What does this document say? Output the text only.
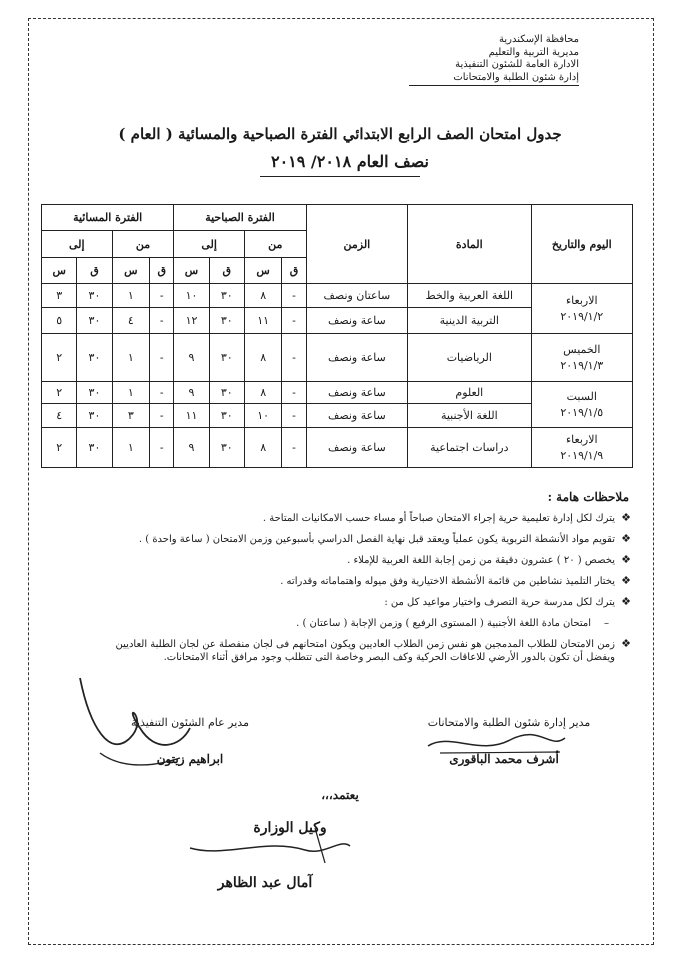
محافظة الإسكندرية
مديرية التربية والتعليم
الادارة العامة للشئون التنفيذية
إدارة شئون الطلبة والامتحانات
جدول امتحان الصف الرابع الابتدائي الفترة الصباحية والمسائية ( العام )
نصف العام ٢٠١٨/ ٢٠١٩
اليوم والتاريخ	المادة	الزمن	الفترة الصباحية				الفترة المسائية			
			من		إلى		من		إلى	
			ق	س	ق	س	ق	س	ق	س

الاربعاء
٢٠١٩/١/٢	اللغة العربية والخط	ساعتان ونصف	-	٨	٣٠	١٠	-	١	٣٠	٣
	التربية الدينية	ساعة ونصف	-	١١	٣٠	١٢	-	٤	٣٠	٥

الخميس
٢٠١٩/١/٣	الرياضيات	ساعة ونصف	-	٨	٣٠	٩	-	١	٣٠	٢

السبت
٢٠١٩/١/٥	العلوم	ساعة ونصف	-	٨	٣٠	٩	-	١	٣٠	٢
	اللغة الأجنبية	ساعة ونصف	-	١٠	٣٠	١١	-	٣	٣٠	٤

الاربعاء
٢٠١٩/١/٩	دراسات اجتماعية	ساعة ونصف	-	٨	٣٠	٩	-	١	٣٠	٢
ملاحظات هامة :
❖
يترك لكل إدارة تعليمية حرية إجراء الامتحان صباحاً أو مساء حسب الامكانيات المتاحة .
❖
تقويم مواد الأنشطة التربوية يكون عملياً ويعقد قبل نهاية الفصل الدراسي بأسبوعين وزمن الامتحان ( ساعة واحدة ) .
❖
يخصص ( ٢٠ ) عشرون دقيقة من زمن إجابة اللغة العربية للإملاء .
❖
يختار التلميذ نشاطين من قائمة الأنشطة الاختيارية وفق ميوله واهتماماته وقدراته .
❖
يترك لكل مدرسة حرية التصرف واختيار مواعيد كل من :
–
امتحان مادة اللغة الأجنبية ( المستوى الرفيع ) وزمن الإجابة ( ساعتان ) .
❖
زمن الامتحان للطلاب المدمجين هو نفس زمن الطلاب العاديين ويكون امتحانهم فى لجان منفصلة عن لجان الطلبة العاديين ويفضل أن تكون بالدور الأرضي للاعاقات الحركية وكف البصر وخاصة التى تتطلب وجود مرافق أثناء الامتحانات.
مدير إدارة شئون الطلبة والامتحانات
أشرف محمد الباقورى
مدير عام الشئون التنفيذية
ابراهيم زيتون
يعتمد،،،
وكيل الوزارة
آمال عبد الظاهر
